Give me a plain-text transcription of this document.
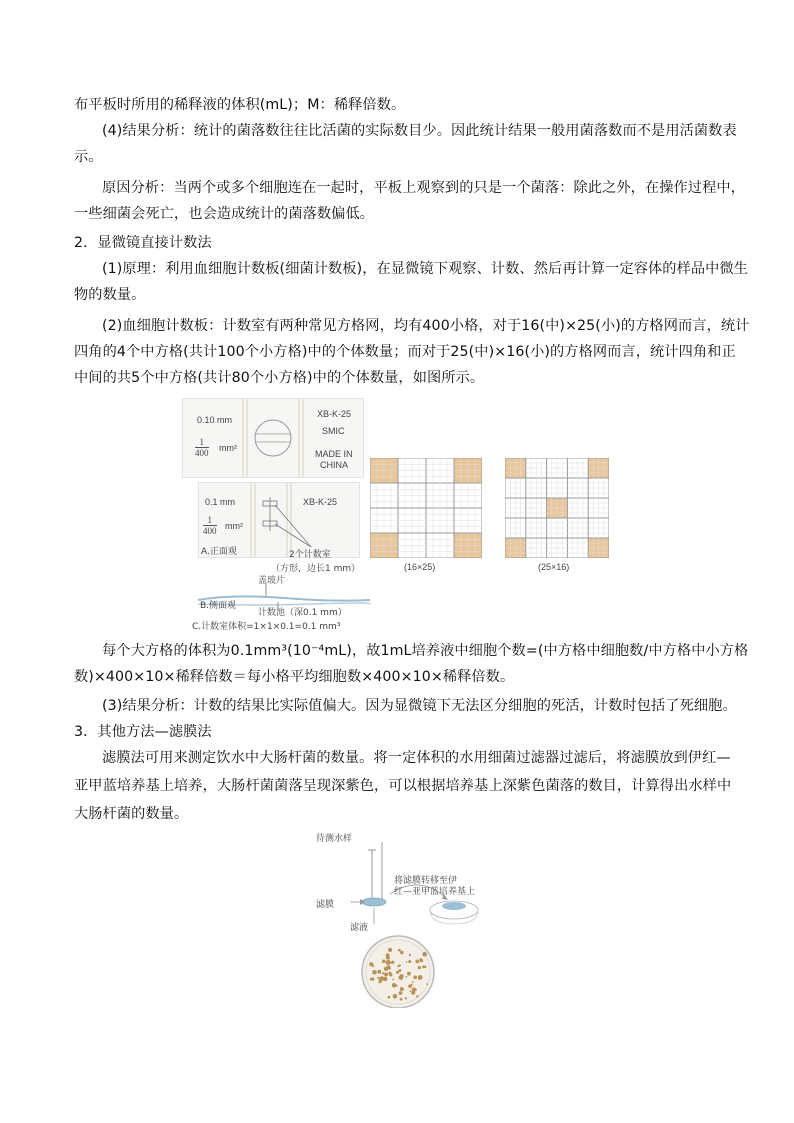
布平板时所用的稀释液的体积(mL)；M：稀释倍数。

(4)结果分析：统计的菌落数往往比活菌的实际数目少。因此统计结果一般用菌落数而不是用活菌数表

示。

原因分析：当两个或多个细胞连在一起时，平板上观察到的只是一个菌落：除此之外，在操作过程中，

一些细菌会死亡，也会造成统计的菌落数偏低。

2．显微镜直接计数法

(1)原理：利用血细胞计数板(细菌计数板)，在显微镜下观察、计数、然后再计算一定容体的样品中微生

物的数量。

(2)血细胞计数板：计数室有两种常见方格网，均有400小格，对于16(中)×25(小)的方格网而言，统计

四角的4个中方格(共计100个小方格)中的个体数量；而对于25(中)×16(小)的方格网而言，统计四角和正

中间的共5个中方格(共计80个小方格)中的个体数量，如图所示。

0.10 mm
$\frac{1}{400} mm^2$
XB-K-25
SMIC
MADE IN
CHINA
0.1 mm
$\frac{1}{400} mm^2$
XB-K-25
A.正面观	2个计数室
（方形，边长1 mm）
盖玻片
B.侧面观
计数池（深0.1 mm）
C.计数室体积=1×1×0.1=0.1 mm³
(16×25)	(25×16)

每个大方格的体积为0.1mm³(10⁻⁴mL)，故1mL培养液中细胞个数=(中方格中细胞数/中方格中小方格

数)×400×10×稀释倍数＝每小格平均细胞数×400×10×稀释倍数。

(3)结果分析：计数的结果比实际值偏大。因为显微镜下无法区分细胞的死活，计数时包括了死细胞。

3．其他方法—滤膜法

滤膜法可用来测定饮水中大肠杆菌的数量。将一定体积的水用细菌过滤器过滤后，将滤膜放到伊红—

亚甲蓝培养基上培养，大肠杆菌菌落呈现深紫色，可以根据培养基上深紫色菌落的数目，计算得出水样中

大肠杆菌的数量。

待测水样
将滤膜转移至伊
红—亚甲蓝培养基上
滤膜
滤液
